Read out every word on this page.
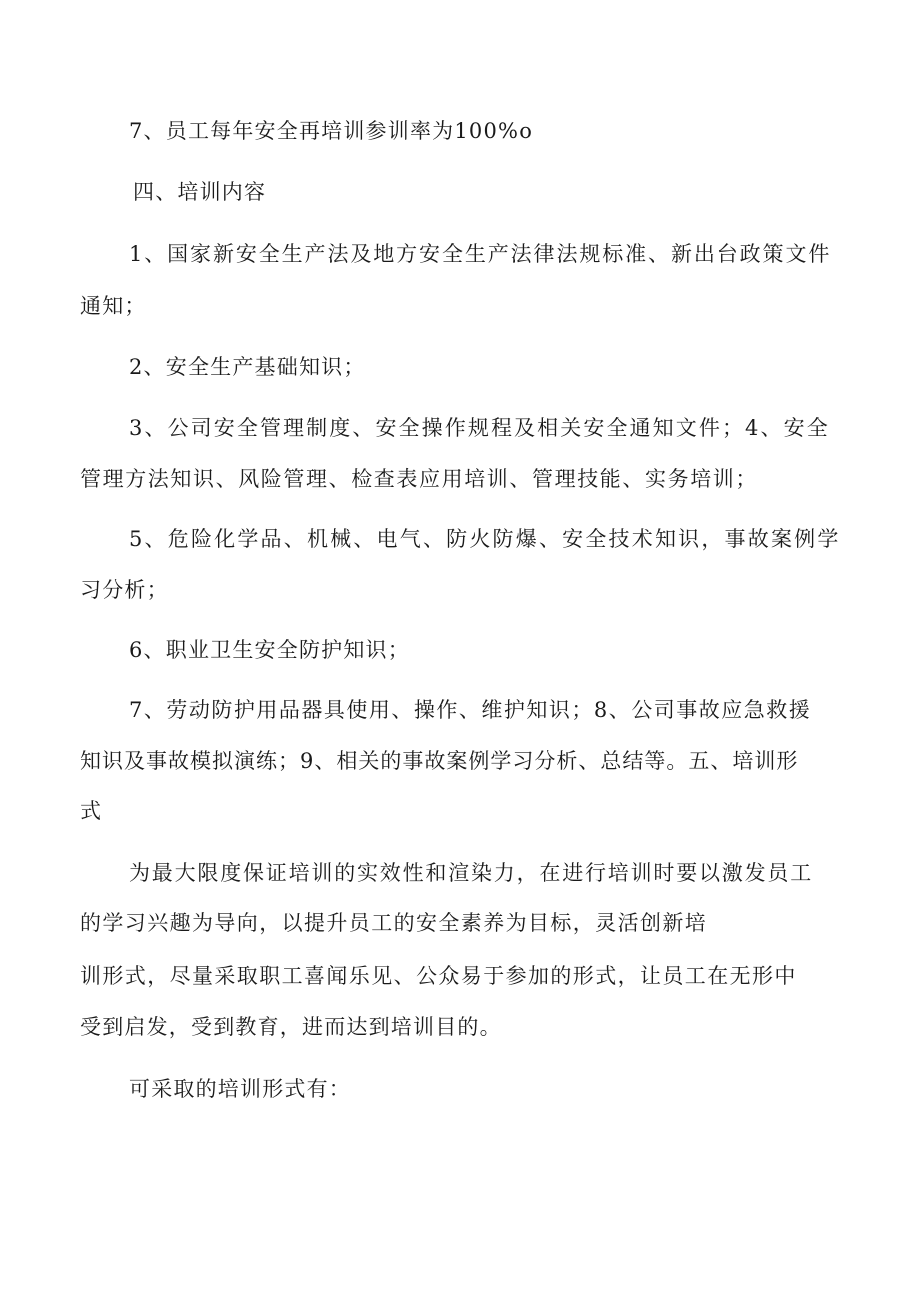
7、员工每年安全再培训参训率为100%o
四、培训内容
1、国家新安全生产法及地方安全生产法律法规标准、新出台政策文件
通知；
2、安全生产基础知识；
3、公司安全管理制度、安全操作规程及相关安全通知文件；4、安全
管理方法知识、风险管理、检查表应用培训、管理技能、实务培训；
5、危险化学品、机械、电气、防火防爆、安全技术知识，事故案例学
习分析；
6、职业卫生安全防护知识；
7、劳动防护用品器具使用、操作、维护知识；8、公司事故应急救援
知识及事故模拟演练；9、相关的事故案例学习分析、总结等。五、培训形
式
为最大限度保证培训的实效性和渲染力，在进行培训时要以激发员工
的学习兴趣为导向，以提升员工的安全素养为目标，灵活创新培
训形式，尽量采取职工喜闻乐见、公众易于参加的形式，让员工在无形中
受到启发，受到教育，进而达到培训目的。
可采取的培训形式有：
